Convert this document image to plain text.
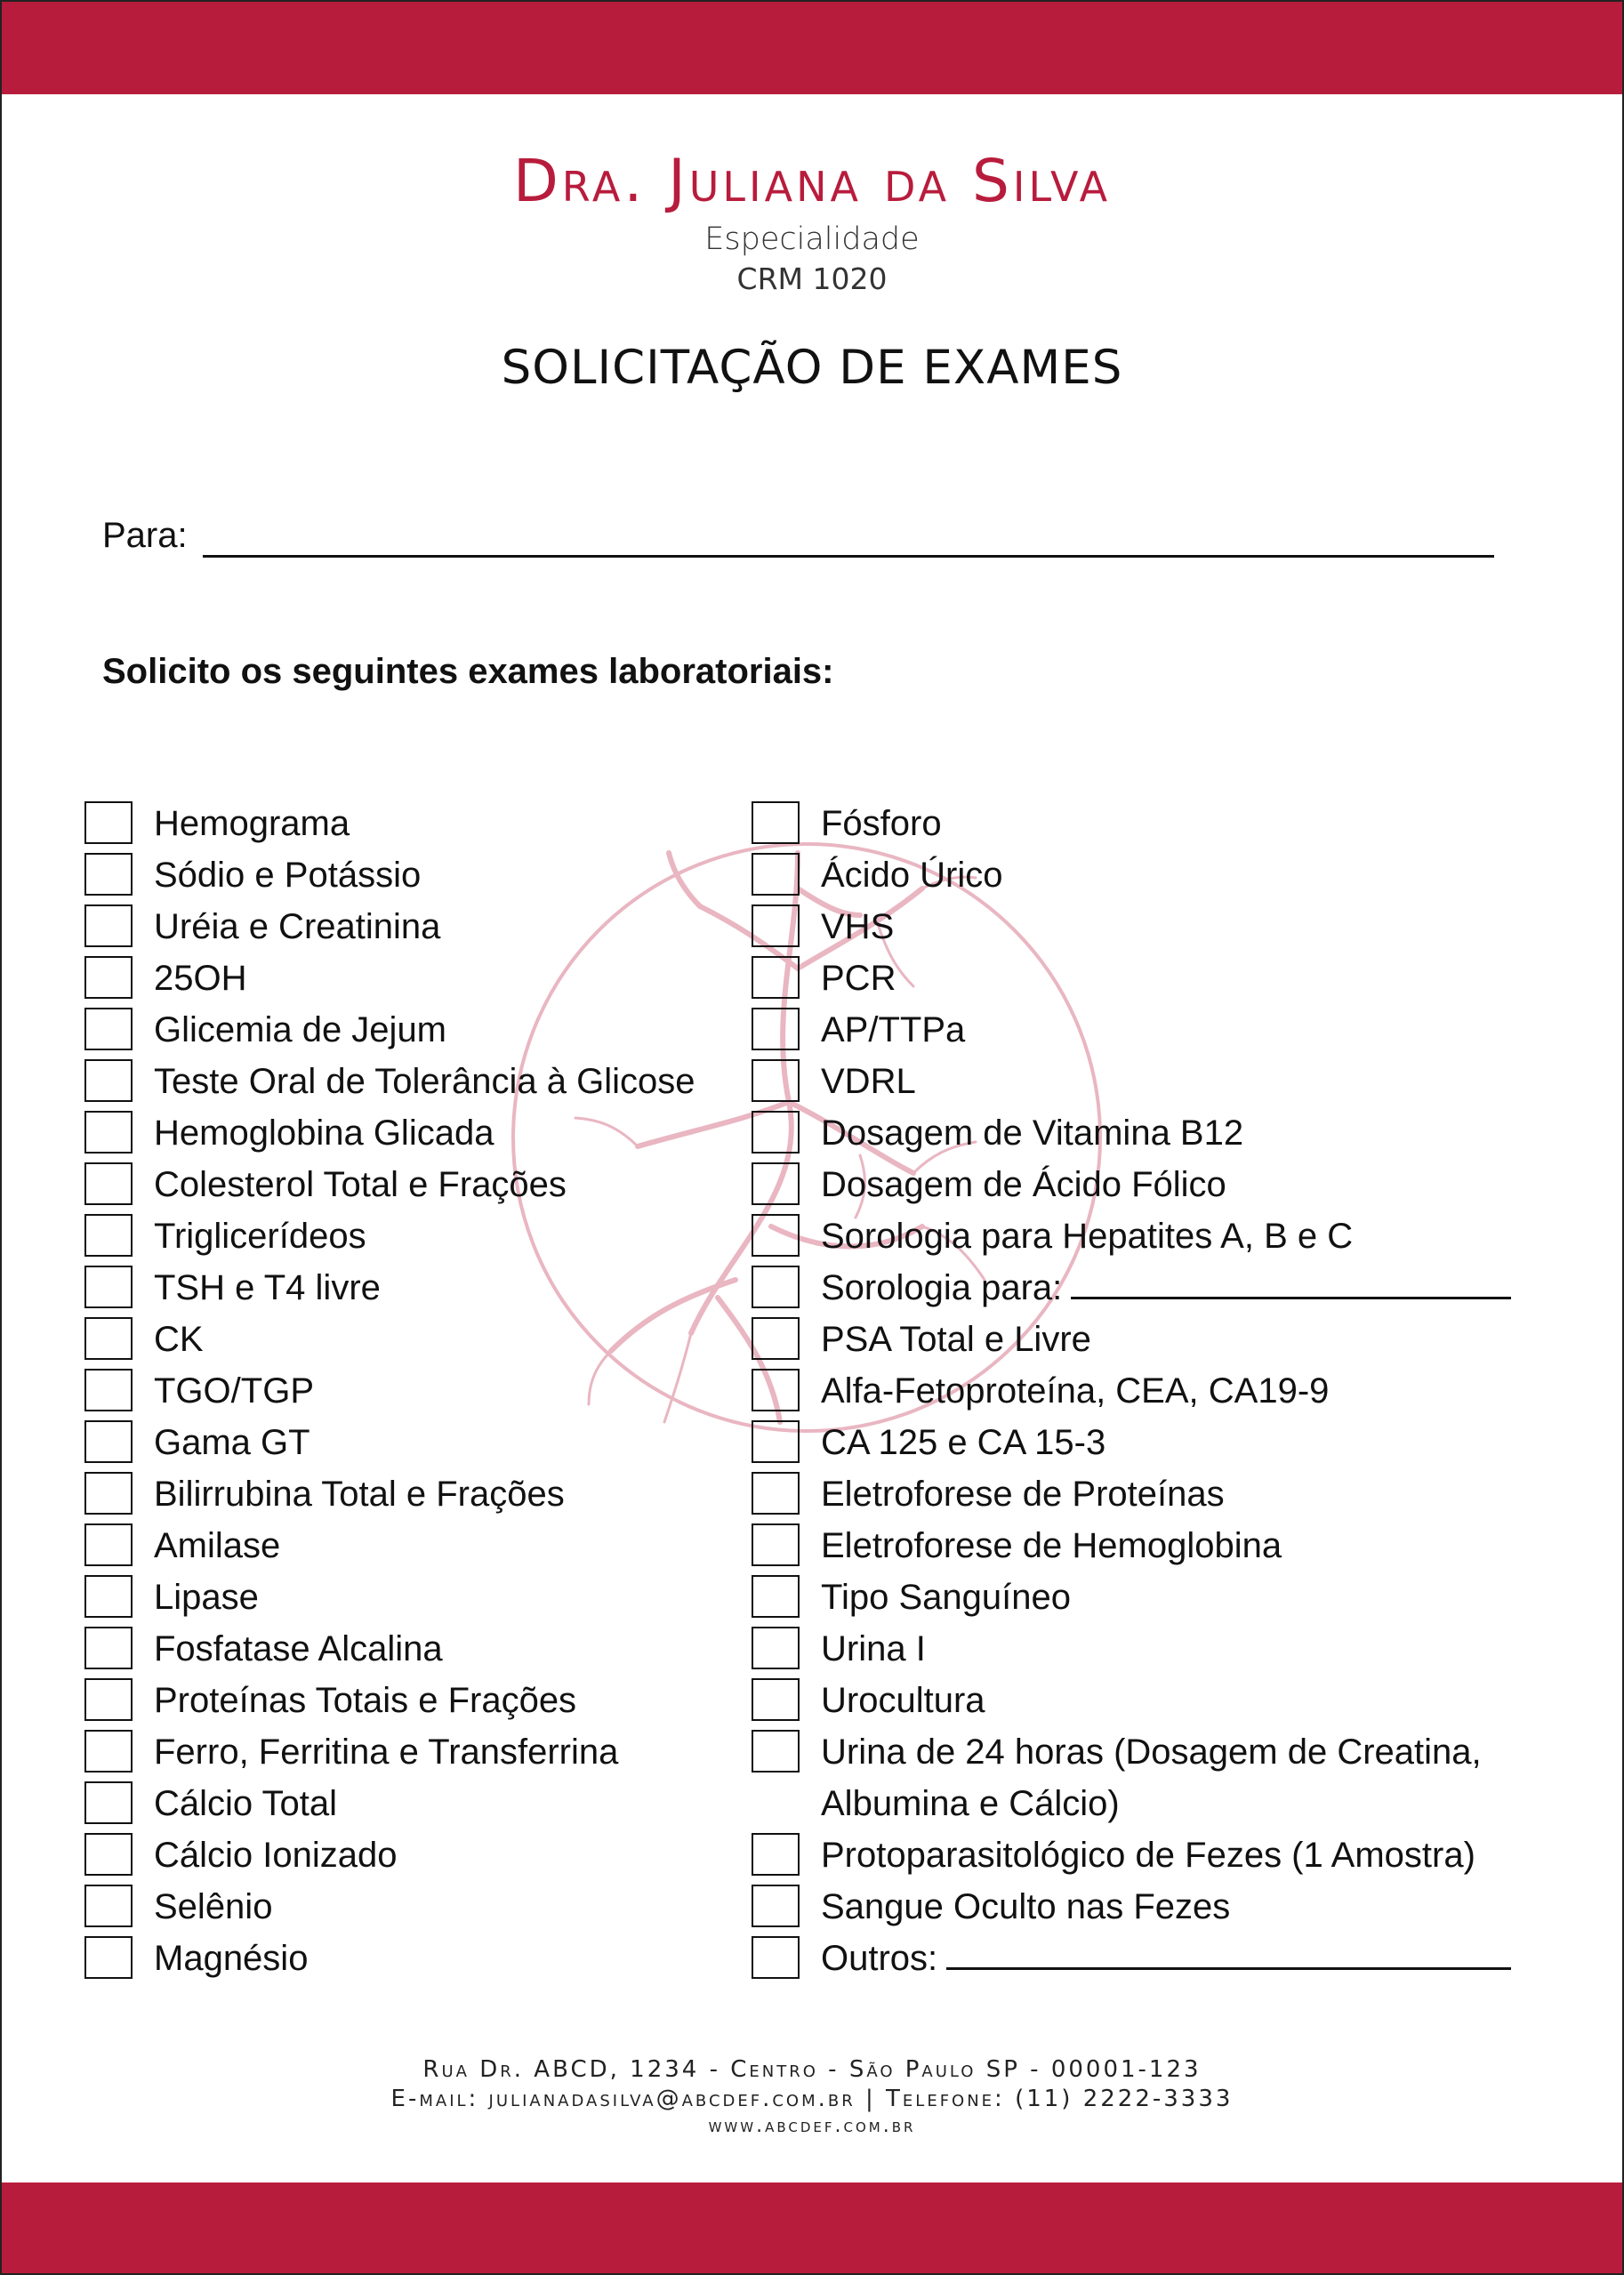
Dra. Juliana da Silva
Especialidade
CRM 1020
SOLICITAÇÃO DE EXAMES
Para:
Solicito os seguintes exames laboratoriais:
Hemograma
Sódio e Potássio
Uréia e Creatinina
25OH
Glicemia de Jejum
Teste Oral de Tolerância à Glicose
Hemoglobina Glicada
Colesterol Total e Frações
Triglicerídeos
TSH e T4 livre
CK
TGO/TGP
Gama GT
Bilirrubina Total e Frações
Amilase
Lipase
Fosfatase Alcalina
Proteínas Totais e Frações
Ferro, Ferritina e Transferrina
Cálcio Total
Cálcio Ionizado
Selênio
Magnésio
Fósforo
Ácido Úrico
VHS
PCR
AP/TTPa
VDRL
Dosagem de Vitamina B12
Dosagem de Ácido Fólico
Sorologia para Hepatites A, B e C
Sorologia para:
PSA Total e Livre
Alfa-Fetoproteína, CEA, CA19-9
CA 125 e CA 15-3
Eletroforese de Proteínas
Eletroforese de Hemoglobina
Tipo Sanguíneo
Urina I
Urocultura
Urina de 24 horas (Dosagem de Creatina, Albumina e Cálcio)
Protoparasitológico de Fezes (1 Amostra)
Sangue Oculto nas Fezes
Outros:
Rua Dr. ABCD, 1234 - Centro - São Paulo SP - 00001-123
E-mail: julianadasilva@abcdef.com.br | Telefone: (11) 2222-3333
www.abcdef.com.br
